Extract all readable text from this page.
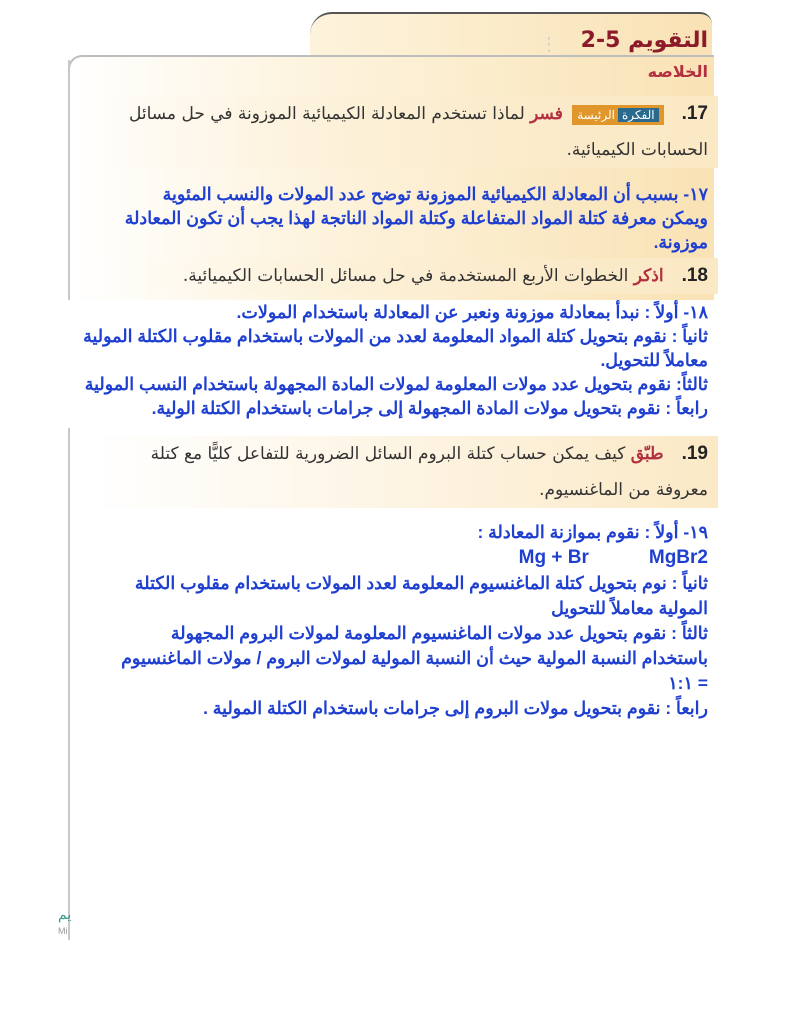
التقويم 5-2
⋮
الخلاصه
17.الفكرةالرئيسة فسر لماذا تستخدم المعادلة الكيميائية الموزونة في حل مسائل الحسابات الكيميائية.
١٧- بسبب أن المعادلة الكيميائية الموزونة توضح عدد المولات والنسب المئوية ويمكن معرفة كتلة المواد المتفاعلة وكتلة المواد الناتجة لهذا يجب أن تكون المعادلة موزونة.
18.اذكر الخطوات الأربع المستخدمة في حل مسائل الحسابات الكيميائية.

١٨- أولاً : نبدأ بمعادلة موزونة ونعبر عن المعادلة باستخدام المولات.

ثانياً : نقوم بتحويل كتلة المواد المعلومة لعدد من المولات باستخدام مقلوب الكتلة المولية معاملاً للتحويل.

ثالثاً: نقوم بتحويل عدد مولات المعلومة لمولات المادة المجهولة باستخدام النسب المولية

رابعاً : نقوم بتحويل مولات المادة المجهولة إلى جرامات باستخدام الكتلة الولية.

19.طبّق كيف يمكن حساب كتلة البروم السائل الضرورية للتفاعل كليًّا مع كتلة معروفة من الماغنسيوم.

١٩- أولاً : نقوم بموازنة المعادلة :

Mg + Br	MgBr2

ثانياً : نوم بتحويل كتلة الماغنسيوم المعلومة لعدد المولات باستخدام مقلوب الكتلة المولية معاملاً للتحويل

ثالثاً : نقوم بتحويل عدد مولات الماغنسيوم المعلومة لمولات البروم المجهولة باستخدام النسبة المولية حيث أن النسبة المولية لمولات البروم / مولات الماغنسيوم = ١:١

رابعاً : نقوم بتحويل مولات البروم إلى جرامات باستخدام الكتلة المولية .

يم
Mi
